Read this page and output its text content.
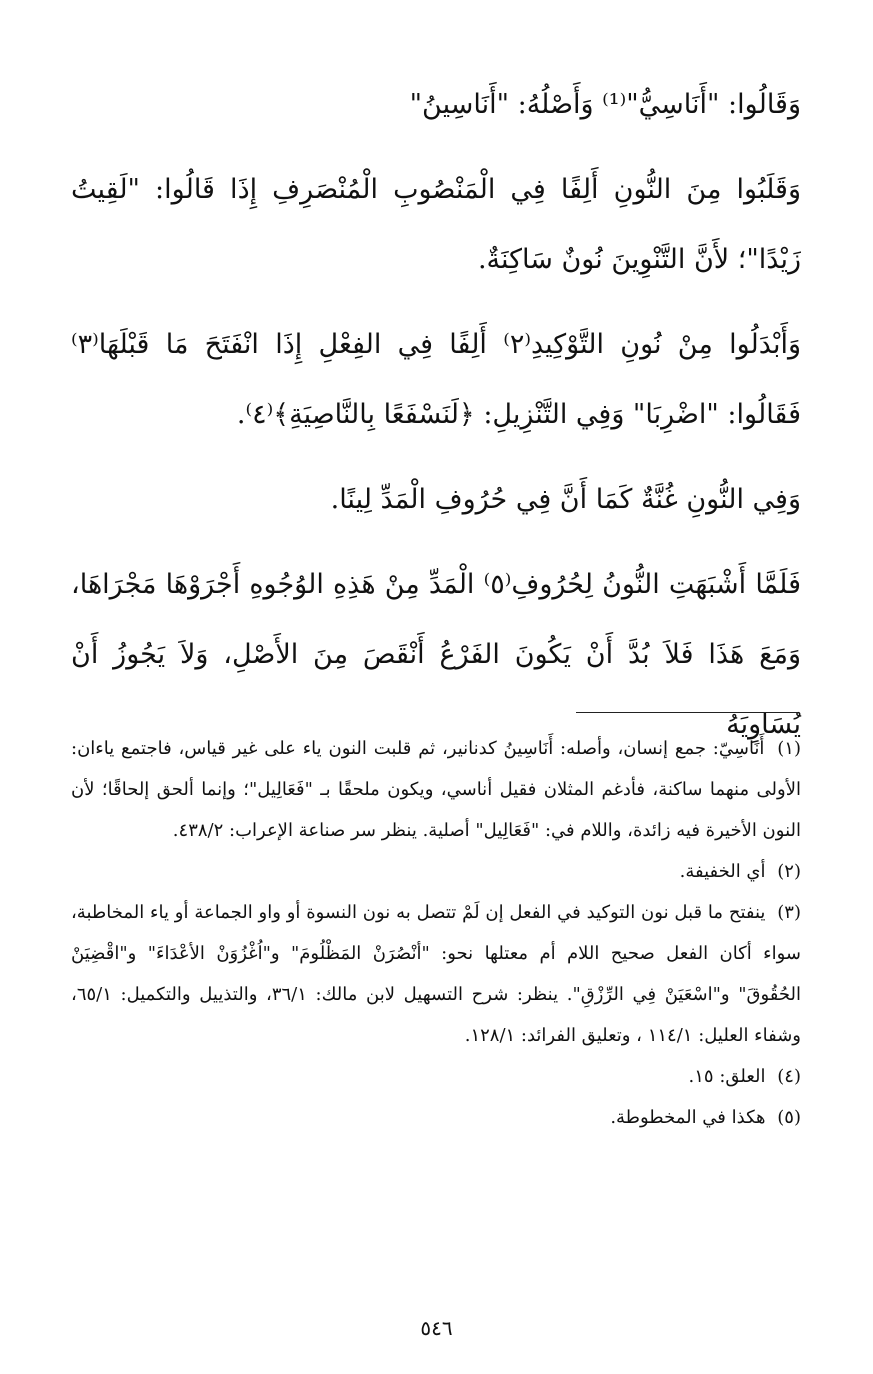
وَقَالُوا: "أَنَاسِيُّ"⁽¹⁾ وَأَصْلُهُ: "أَنَاسِينُ"

وَقَلَبُوا مِنَ النُّونِ أَلِفًا فِي الْمَنْصُوبِ الْمُنْصَرِفِ إِذَا قَالُوا: "لَقِيتُ زَيْدًا"؛ لأَنَّ التَّنْوِينَ نُونٌ سَاكِنَةٌ.

وَأَبْدَلُوا مِنْ نُونِ التَّوْكِيدِ⁽٢⁾ أَلِفًا فِي الفِعْلِ إِذَا انْفَتَحَ مَا قَبْلَهَا⁽٣⁾ فَقَالُوا: "اضْرِبَا" وَفِي التَّنْزِيلِ: ﴿لَنَسْفَعًا بِالنَّاصِيَةِ﴾⁽٤⁾.

وَفِي النُّونِ غُنَّةٌ كَمَا أَنَّ فِي حُرُوفِ الْمَدِّ لِينًا.

فَلَمَّا أَشْبَهَتِ النُّونُ لِحُرُوفِ⁽٥⁾ الْمَدِّ مِنْ هَذِهِ الوُجُوهِ أَجْرَوْهَا مَجْرَاهَا، وَمَعَ هَذَا فَلاَ بُدَّ أَنْ يَكُونَ الفَرْعُ أَنْقَصَ مِنَ الأَصْلِ، وَلاَ يَجُوزُ أَنْ يُسَاوِيَهُ

(١) أَنَاسِيّ: جمع إنسان، وأصله: أَنَاسِينُ كدنانير، ثم قلبت النون ياء على غير قياس، فاجتمع ياءان: الأولى منهما ساكنة، فأدغم المثلان فقيل أناسي، ويكون ملحقًا بـ "فَعَالِيل"؛ وإنما ألحق إلحاقًا؛ لأن النون الأخيرة فيه زائدة، واللام في: "فَعَالِيل" أصلية. ينظر سر صناعة الإعراب: ٤٣٨/٢.

(٢) أي الخفيفة.

(٣) ينفتح ما قبل نون التوكيد في الفعل إن لَمْ تتصل به نون النسوة أو واو الجماعة أو ياء المخاطبة، سواء أكان الفعل صحيح اللام أم معتلها نحو: "أنْصُرَنْ المَظْلُومَ" و"اُغْزُوَنْ الأعْدَاءَ" و"اقْضِيَنْ الحُقُوقَ" و"اسْعَيَنْ فِي الرِّزْقِ". ينظر: شرح التسهيل لابن مالك: ٣٦/١، والتذييل والتكميل: ٦٥/١، وشفاء العليل: ١١٤/١ ، وتعليق الفرائد: ١٢٨/١.

(٤) العلق: ١٥.

(٥) هكذا في المخطوطة.

٥٤٦
